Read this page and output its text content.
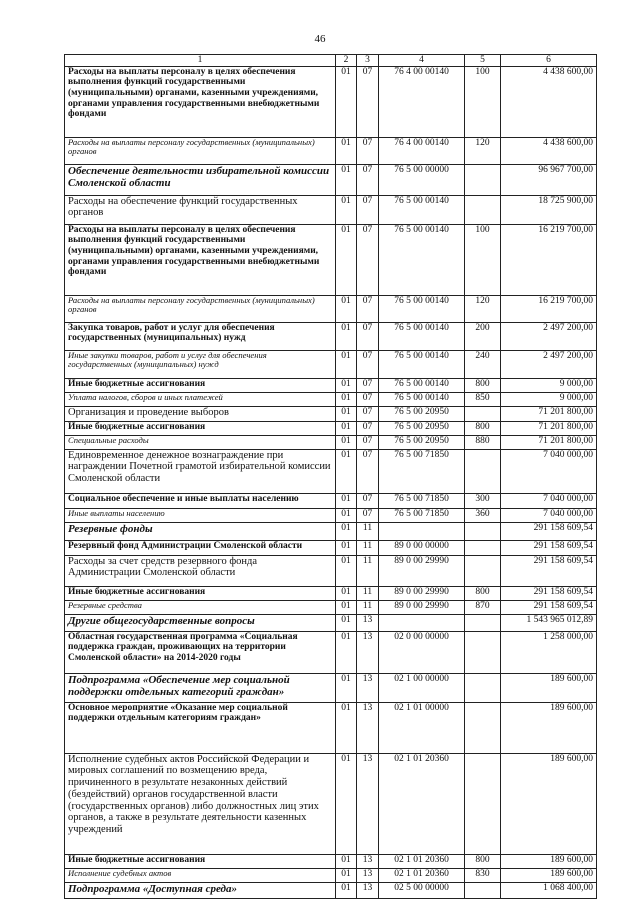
46
1	2	3	4	5	6
Расходы на выплаты персоналу в целях обеспечения выполнения функций государственными (муниципальными) органами, казенными учреждениями, органами управления государственными внебюджетными фондами	01	07	76 4 00 00140	100	4 438 600,00
Расходы на выплаты персоналу государственных (муниципальных) органов	01	07	76 4 00 00140	120	4 438 600,00
Обеспечение деятельности избирательной комиссии Смоленской области	01	07	76 5 00 00000		96 967 700,00
Расходы на обеспечение функций государственных органов	01	07	76 5 00 00140		18 725 900,00
Расходы на выплаты персоналу в целях обеспечения выполнения функций государственными (муниципальными) органами, казенными учреждениями, органами управления государственными внебюджетными фондами	01	07	76 5 00 00140	100	16 219 700,00
Расходы на выплаты персоналу государственных (муниципальных) органов	01	07	76 5 00 00140	120	16 219 700,00
Закупка товаров, работ и услуг для обеспечения государственных (муниципальных) нужд	01	07	76 5 00 00140	200	2 497 200,00
Иные закупки товаров, работ и услуг для обеспечения государственных (муниципальных) нужд	01	07	76 5 00 00140	240	2 497 200,00
Иные бюджетные ассигнования	01	07	76 5 00 00140	800	9 000,00
Уплата налогов, сборов и иных платежей	01	07	76 5 00 00140	850	9 000,00
Организация и проведение выборов	01	07	76 5 00 20950		71 201 800,00
Иные бюджетные ассигнования	01	07	76 5 00 20950	800	71 201 800,00
Специальные расходы	01	07	76 5 00 20950	880	71 201 800,00
Единовременное денежное вознаграждение при награждении Почетной грамотой избирательной комиссии Смоленской области	01	07	76 5 00 71850		7 040 000,00
Социальное обеспечение и иные выплаты населению	01	07	76 5 00 71850	300	7 040 000,00
Иные выплаты населению	01	07	76 5 00 71850	360	7 040 000,00
Резервные фонды	01	11			291 158 609,54
Резервный фонд Администрации Смоленской области	01	11	89 0 00 00000		291 158 609,54
Расходы за счет средств резервного фонда Администрации Смоленской области	01	11	89 0 00 29990		291 158 609,54
Иные бюджетные ассигнования	01	11	89 0 00 29990	800	291 158 609,54
Резервные средства	01	11	89 0 00 29990	870	291 158 609,54
Другие общегосударственные вопросы	01	13			1 543 965 012,89
Областная государственная программа «Социальная поддержка граждан, проживающих на территории Смоленской области» на 2014-2020 годы	01	13	02 0 00 00000		1 258 000,00
Подпрограмма «Обеспечение мер социальной поддержки отдельных категорий граждан»	01	13	02 1 00 00000		189 600,00
Основное мероприятие «Оказание мер социальной поддержки отдельным категориям граждан»	01	13	02 1 01 00000		189 600,00
Исполнение судебных актов Российской Федерации и мировых соглашений по возмещению вреда, причиненного в результате незаконных действий (бездействий) органов государственной власти (государственных органов) либо должностных лиц этих органов, а также в результате деятельности казенных учреждений	01	13	02 1 01 20360		189 600,00
Иные бюджетные ассигнования	01	13	02 1 01 20360	800	189 600,00
Исполнение судебных актов	01	13	02 1 01 20360	830	189 600,00
Подпрограмма «Доступная среда»	01	13	02 5 00 00000		1 068 400,00
